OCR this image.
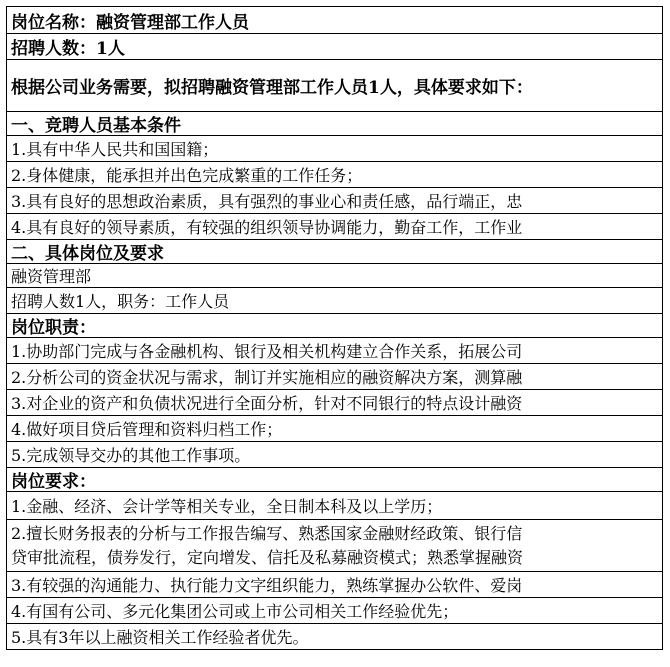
岗位名称：融资管理部工作人员
招聘人数：1人
根据公司业务需要，拟招聘融资管理部工作人员1人，具体要求如下：
一、竞聘人员基本条件
1.具有中华人民共和国国籍；
2.身体健康，能承担并出色完成繁重的工作任务；
3.具有良好的思想政治素质，具有强烈的事业心和责任感，品行端正，忠
4.具有良好的领导素质，有较强的组织领导协调能力，勤奋工作，工作业
二、具体岗位及要求
融资管理部
招聘人数1人，职务：工作人员
岗位职责：
1.协助部门完成与各金融机构、银行及相关机构建立合作关系，拓展公司
2.分析公司的资金状况与需求，制订并实施相应的融资解决方案，测算融
3.对企业的资产和负债状况进行全面分析，针对不同银行的特点设计融资
4.做好项目贷后管理和资料归档工作；
5.完成领导交办的其他工作事项。
岗位要求：
1.金融、经济、会计学等相关专业，全日制本科及以上学历；
2.擅长财务报表的分析与工作报告编写、熟悉国家金融财经政策、银行信
贷审批流程，债券发行，定向增发、信托及私募融资模式；熟悉掌握融资
3.有较强的沟通能力、执行能力文字组织能力，熟练掌握办公软件、爱岗
4.有国有公司、多元化集团公司或上市公司相关工作经验优先；
5.具有3年以上融资相关工作经验者优先。
